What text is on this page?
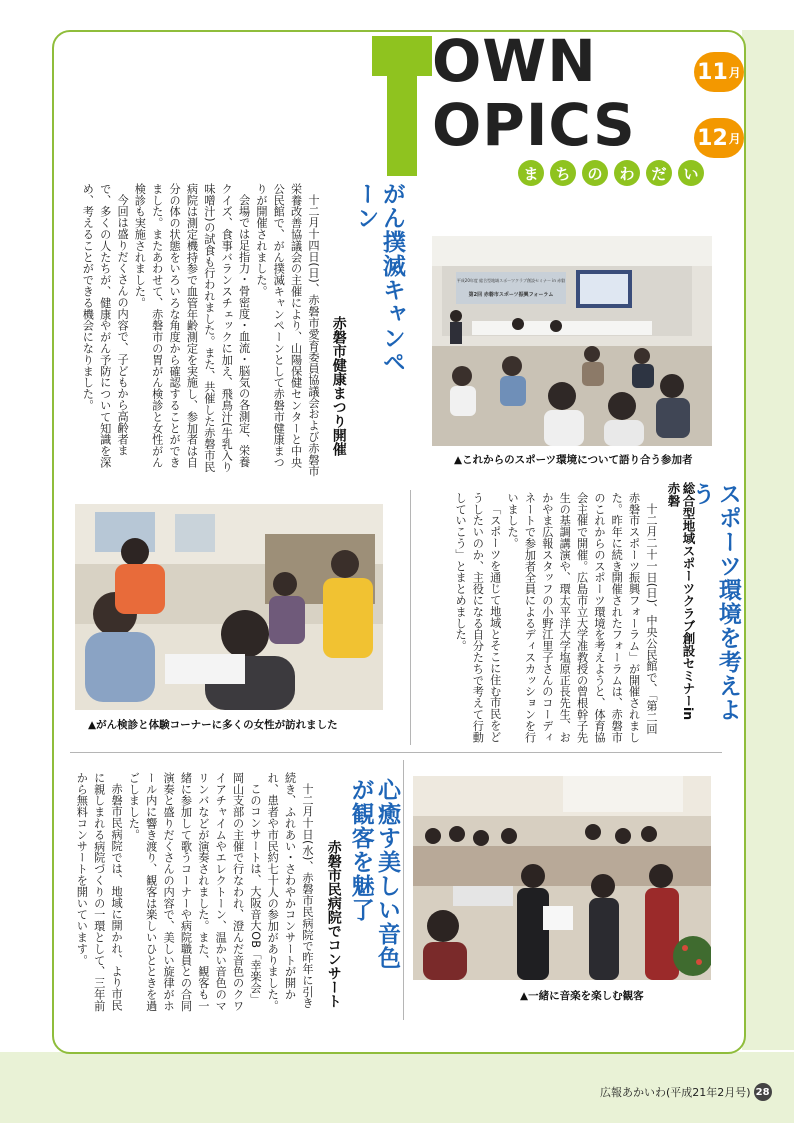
OWN
OPICS
11 月
12 月
ま	ち	の	わ	だ	い
がん撲滅キャンペーン
赤磐市健康まつり開催

十二月十四日(日)、赤磐市愛育委員協議会および赤磐市栄養改善協議会の主催により、山陽保健センターと中央公民館で、がん撲滅キャンペーンとして赤磐市健康まつりが開催されました。

会場では足指力・骨密度・血流・脳気の各測定、栄養クイズ、食事バランスチェックに加え、飛鳥汁(牛乳入り味噌汁)の試食も行われました。また、共催した赤磐市民病院は測定機持参で血管年齢測定を実施し、参加者は自分の体の状態をいろいろな角度から確認することができました。またあわせて、赤磐市の胃がん検診と女性がん検診も実施されました。

今回は盛りだくさんの内容で、子どもから高齢者まで、多くの人たちが、健康やがん予防について知識を深め、考えることができる機会になりました。

▲がん検診と体験コーナーに多くの女性が訪れました
平成20年度 総合型地域スポーツクラブ創設セミナー in 赤磐
第2回 赤磐市スポーツ振興フォーラム
▲これからのスポーツ環境について語り合う参加者
スポーツ環境を考えよう
総合型地域スポーツクラブ創設セミナーin赤磐

十二月二十一日(日)、中央公民館で、「第二回赤磐市スポーツ振興フォーラム」が開催されました。昨年に続き開催されたフォーラムは、赤磐市のこれからのスポーツ環境を考えようと、体育協会主催で開催。広島市立大学准教授の曾根幹子先生の基調講演や、環太平洋大学塩原正長先生、おかやま広報スタッフの小野江里子さんのコーディネートで参加者全員によるディスカッションを行いました。

「スポーツを通じて地域とそこに住む市民をどうしたいのか、主役になる自分たちで考えて行動していこう」とまとめました。

心癒す美しい音色が観客を魅了
赤磐市民病院でコンサート

十二月十日(水)、赤磐市民病院で昨年に引き続き、ふれあい・さわやかコンサートが開かれ、患者や市民約七十人の参加がありました。

このコンサートは、大阪音大OB「幸楽会」岡山支部の主催で行なわれ、澄んだ音色のクワイアチャイムやエレクトーン、温かい音色のマリンバなどが演奏されました。また、観客も一緒に参加して歌うコーナーや病院職員との合同演奏と盛りだくさんの内容で、美しい旋律がホール内に響き渡り、観客は楽しいひとときを過ごしました。

赤磐市民病院では、地域に開かれ、より市民に親しまれる病院づくりの一環として、三年前から無料コンサートを開いています。

▲一緒に音楽を楽しむ観客
広報あかいわ(平成21年2月号) 28
